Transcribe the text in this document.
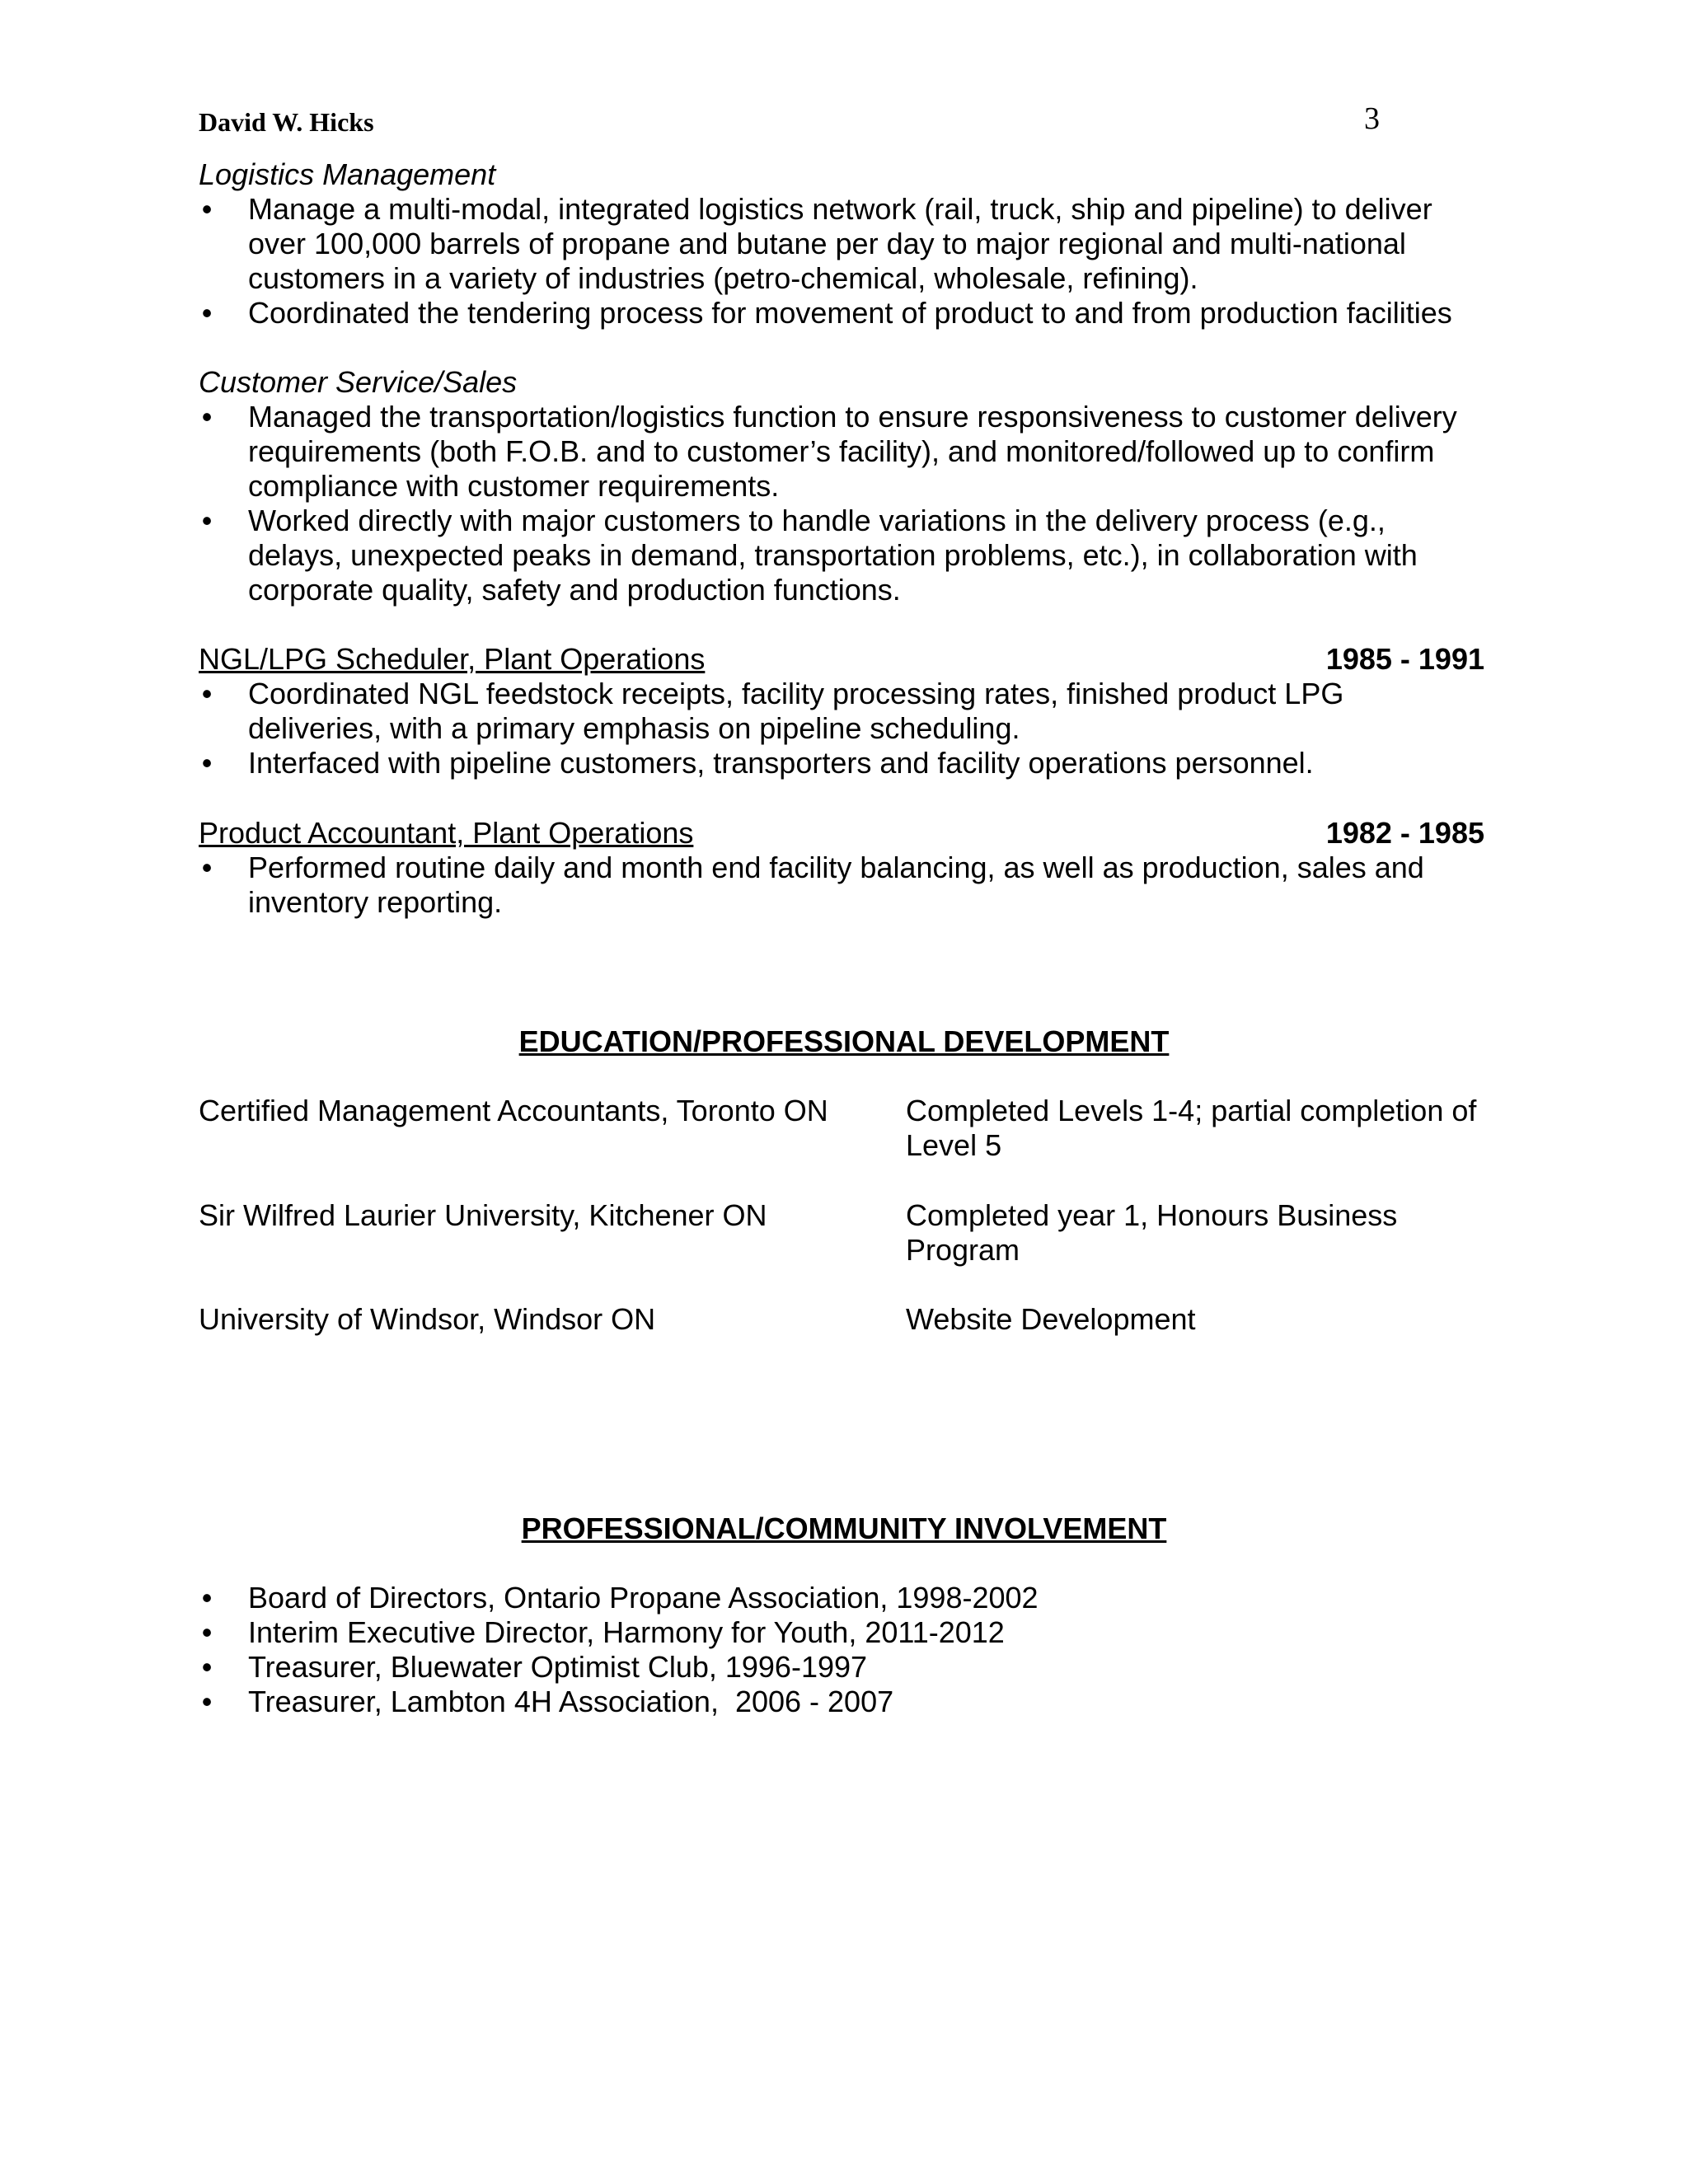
David W. Hicks	3

Logistics Management

• Manage a multi-modal, integrated logistics network (rail, truck, ship and pipeline) to deliver over 100,000 barrels of propane and butane per day to major regional and multi-national customers in a variety of industries (petro-chemical, wholesale, refining).
• Coordinated the tendering process for movement of product to and from production facilities

Customer Service/Sales

• Managed the transportation/logistics function to ensure responsiveness to customer delivery requirements (both F.O.B. and to customer’s facility), and monitored/followed up to confirm compliance with customer requirements.
• Worked directly with major customers to handle variations in the delivery process (e.g., delays, unexpected peaks in demand, transportation problems, etc.), in collaboration with corporate quality, safety and production functions.
NGL/LPG Scheduler, Plant Operations	1985 - 1991
• Coordinated NGL feedstock receipts, facility processing rates, finished product LPG deliveries, with a primary emphasis on pipeline scheduling.
• Interfaced with pipeline customers, transporters and facility operations personnel.
Product Accountant, Plant Operations	1982 - 1985
• Performed routine daily and month end facility balancing, as well as production, sales and inventory reporting.
EDUCATION/PROFESSIONAL DEVELOPMENT
Certified Management Accountants, Toronto ON	Completed Levels 1-4; partial completion of Level 5
Sir Wilfred Laurier University, Kitchener ON	Completed year 1, Honours Business Program
University of Windsor, Windsor ON	Website Development
PROFESSIONAL/COMMUNITY INVOLVEMENT
• Board of Directors, Ontario Propane Association, 1998-2002
• Interim Executive Director, Harmony for Youth, 2011-2012
• Treasurer, Bluewater Optimist Club, 1996-1997
• Treasurer, Lambton 4H Association,  2006 - 2007
